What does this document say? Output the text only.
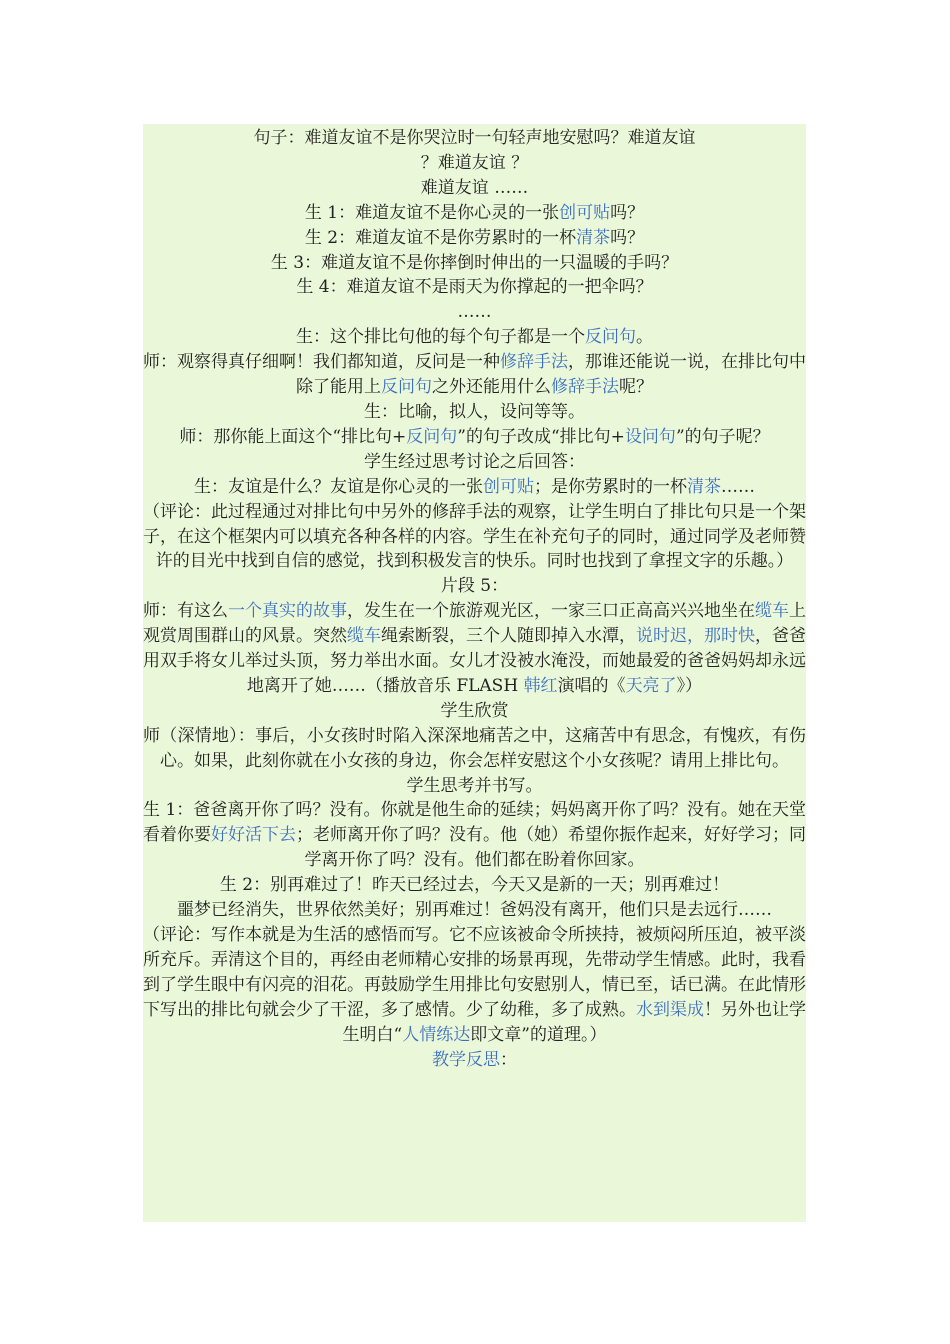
句子：难道友谊不是你哭泣时一句轻声地安慰吗？难道友谊
？难道友谊 ？
难道友谊 ……
生 1：难道友谊不是你心灵的一张创可贴吗？
生 2：难道友谊不是你劳累时的一杯清茶吗？
生 3：难道友谊不是你摔倒时伸出的一只温暖的手吗？
生 4：难道友谊不是雨天为你撑起的一把伞吗？
……
生：这个排比句他的每个句子都是一个反问句。
师：观察得真仔细啊！我们都知道，反问是一种修辞手法，那谁还能说一说，在排比句中除了能用上反问句之外还能用什么修辞手法呢？
生：比喻，拟人，设问等等。
师：那你能上面这个“排比句+反问句”的句子改成“排比句+设问句”的句子呢？
学生经过思考讨论之后回答：
生：友谊是什么？友谊是你心灵的一张创可贴；是你劳累时的一杯清茶……
（评论：此过程通过对排比句中另外的修辞手法的观察，让学生明白了排比句只是一个架子，在这个框架内可以填充各种各样的内容。学生在补充句子的同时，通过同学及老师赞许的目光中找到自信的感觉，找到积极发言的快乐。同时也找到了拿捏文字的乐趣。）
片段 5：
师：有这么一个真实的故事，发生在一个旅游观光区，一家三口正高高兴兴地坐在缆车上观赏周围群山的风景。突然缆车绳索断裂，三个人随即掉入水潭，说时迟，那时快，爸爸用双手将女儿举过头顶，努力举出水面。女儿才没被水淹没，而她最爱的爸爸妈妈却永远地离开了她……（播放音乐 FLASH 韩红演唱的《天亮了》）
学生欣赏
师（深情地）：事后，小女孩时时陷入深深地痛苦之中，这痛苦中有思念，有愧疚，有伤心。如果，此刻你就在小女孩的身边，你会怎样安慰这个小女孩呢？请用上排比句。
学生思考并书写。
生 1：爸爸离开你了吗？没有。你就是他生命的延续；妈妈离开你了吗？没有。她在天堂看着你要好好活下去；老师离开你了吗？没有。他（她）希望你振作起来，好好学习；同学离开你了吗？没有。他们都在盼着你回家。
生 2：别再难过了！昨天已经过去，今天又是新的一天；别再难过！
噩梦已经消失，世界依然美好；别再难过！爸妈没有离开，他们只是去远行……
（评论：写作本就是为生活的感悟而写。它不应该被命令所挟持，被烦闷所压迫，被平淡所充斥。弄清这个目的，再经由老师精心安排的场景再现，先带动学生情感。此时，我看到了学生眼中有闪亮的泪花。再鼓励学生用排比句安慰别人，情已至，话已满。在此情形下写出的排比句就会少了干涩，多了感情。少了幼稚，多了成熟。水到渠成！另外也让学生明白“人情练达即文章”的道理。）
教学反思：
